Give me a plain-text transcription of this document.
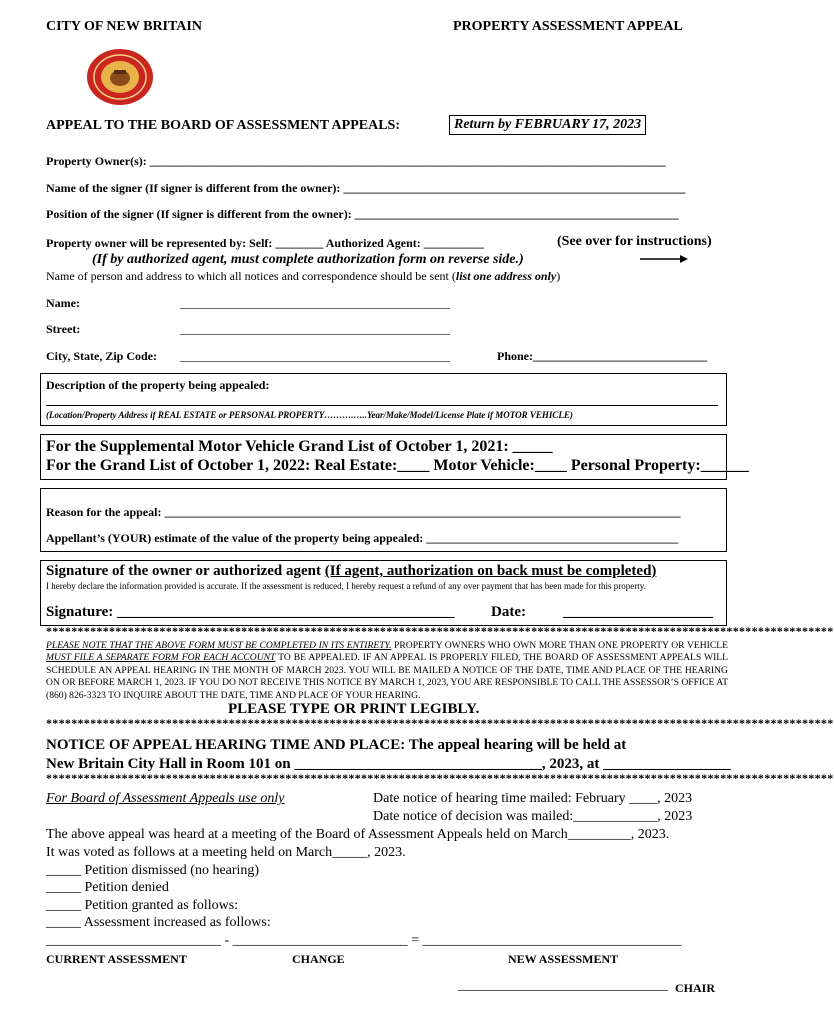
CITY OF NEW BRITAIN	PROPERTY ASSESSMENT APPEAL
APPEAL TO THE BOARD OF ASSESSMENT APPEALS:	Return by FEBRUARY 17, 2023
Property Owner(s): ______________________________________________________________________________________
Name of the signer (If signer is different from the owner): _________________________________________________________
Position of the signer (If signer is different from the owner): ______________________________________________________
Property owner will be represented by: Self: ________ Authorized Agent: __________	(See over for instructions)
(If by authorized agent, must complete authorization form on reverse side.)
Name of person and address to which all notices and correspondence should be sent (list one address only)
Name:	_____________________________________________
Street:	_____________________________________________
City, State, Zip Code: _____________________________________________	Phone:_____________________________
Description of the property being appealed:
(Location/Property Address if REAL ESTATE or PERSONAL PROPERTY……….…..Year/Make/Model/License Plate if MOTOR VEHICLE)
For the Supplemental Motor Vehicle Grand List of October 1, 2021: _____
For the Grand List of October 1, 2022: Real Estate:____ Motor Vehicle:____ Personal Property:______
Reason for the appeal: ______________________________________________________________________________________
Appellant’s (YOUR) estimate of the value of the property being appealed: __________________________________________
Signature of the owner or authorized agent (If agent, authorization on back must be completed)
I hereby declare the information provided is accurate. If the assessment is reduced, I hereby request a refund of any over payment that has been made for this property.
Signature: _____________________________________________ Date: ____________________
*****************************************************************************************************************************
PLEASE NOTE THAT THE ABOVE FORM MUST BE COMPLETED IN ITS ENTIRETY. PROPERTY OWNERS WHO OWN MORE THAN ONE PROPERTY OR VEHICLE MUST FILE A SEPARATE FORM FOR EACH ACCOUNT TO BE APPEALED. IF AN APPEAL IS PROPERLY FILED, THE BOARD OF ASSESSMENT APPEALS WILL SCHEDULE AN APPEAL HEARING IN THE MONTH OF MARCH 2023. YOU WILL BE MAILED A NOTICE OF THE DATE, TIME AND PLACE OF THE HEARING ON OR BEFORE MARCH 1, 2023. IF YOU DO NOT RECEIVE THIS NOTICE BY MARCH 1, 2023, YOU ARE RESPONSIBLE TO CALL THE ASSESSOR’S OFFICE AT (860) 826-3323 TO INQUIRE ABOUT THE DATE, TIME AND PLACE OF YOUR HEARING.
PLEASE TYPE OR PRINT LEGIBLY.
*****************************************************************************************************************************
NOTICE OF APPEAL HEARING TIME AND PLACE: The appeal hearing will be held at
New Britain City Hall in Room 101 on _________________________________, 2023, at _________________
*****************************************************************************************************************************
For Board of Assessment Appeals use only	Date notice of hearing time mailed: February ____, 2023
Date notice of decision was mailed:____________, 2023
The above appeal was heard at a meeting of the Board of Assessment Appeals held on March_________, 2023.
It was voted as follows at a meeting held on March_____, 2023.
_____ Petition dismissed (no hearing)
_____ Petition denied
_____ Petition granted as follows:
_____ Assessment increased as follows:
_________________________ - _________________________ = _____________________________________
CURRENT ASSESSMENT	CHANGE	NEW ASSESSMENT
______________________________ CHAIR
